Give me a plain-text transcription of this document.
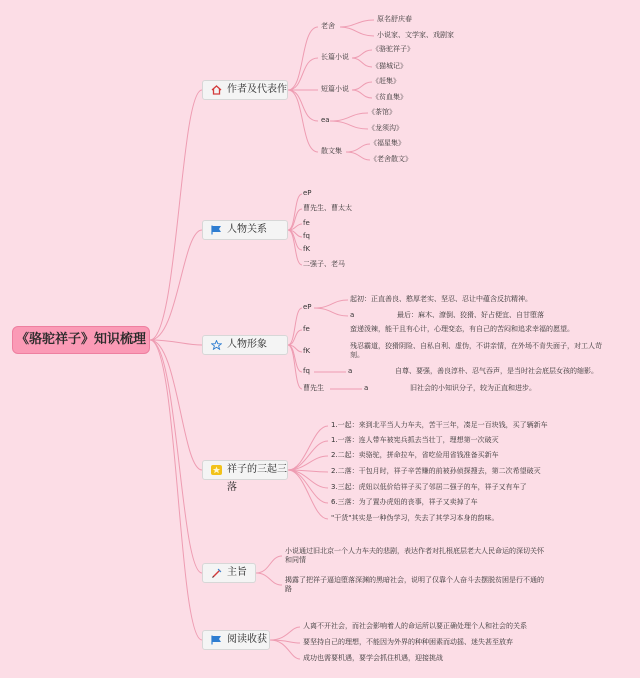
《骆驼祥子》知识梳理
作者及代表作
老舍
原名舒庆春
小说家、文学家、戏剧家
长篇小说
《骆驼祥子》
《猫城记》
短篇小说
《赶集》
《贫血集》
ea
《茶馆》
《龙须沟》
散文集
《福星集》
《老舍散文》
人物关系
eP
曹先生、曹太太
fe
fq
fK
二强子、老马
人物形象
eP
起初：正直善良、憨厚老实、坚忍、忍让中蕴含反抗精神。
a	最后：麻木、潦倒、狡猾、好占便宜、自甘堕落
fe	蛮递泼辣，能干且有心计，心理变态，有自己的苦闷和追求幸福的愿望。
fK
残忍霸道，狡猾阴险、自私自利、虚伪，不讲亲情，在外场不肯失面子，对工人苛刻。
fq	a	自尊、要强，善良淳朴、忍气吞声，是当时社会底层女孩的缩影。
曹先生	a	旧社会的小知识分子，较为正直和进步。
祥子的三起三落
1.一起：来到北平当人力车夫，苦干三年，凑足一百块钱，买了辆新车
1.一落：连人带车被宪兵抓去当壮丁，理想第一次破灭
2.二起：卖骆驼，拼命拉车，省吃俭用省钱准备买新车
2.二落：干包月时，祥子辛苦赚的前被孙侦探搜去，第二次希望破灭
3.三起：虎妞以低价给祥子买了邻居二强子的车，祥子又有车了
6.三落：为了置办虎妞的丧事，祥子又卖掉了车
"干货"其实是一种伪学习，失去了其学习本身的韵味。
主旨
小说通过旧北京一个人力车夫的悲剧，表达作者对扎根底层老大人民命运的深切关怀和同情
揭露了把祥子逼迫堕落深渊的黑暗社会，说明了仅靠个人奋斗去摆脱贫困是行不通的路
阅读收获
人离不开社会，而社会影响着人的命运所以要正确处理个人和社会的关系
要坚持自己的理想，不能因为外界的种种困素而动摇、迷失甚至放弃
成功也需要机遇，要学会抓住机遇，迎接挑战
